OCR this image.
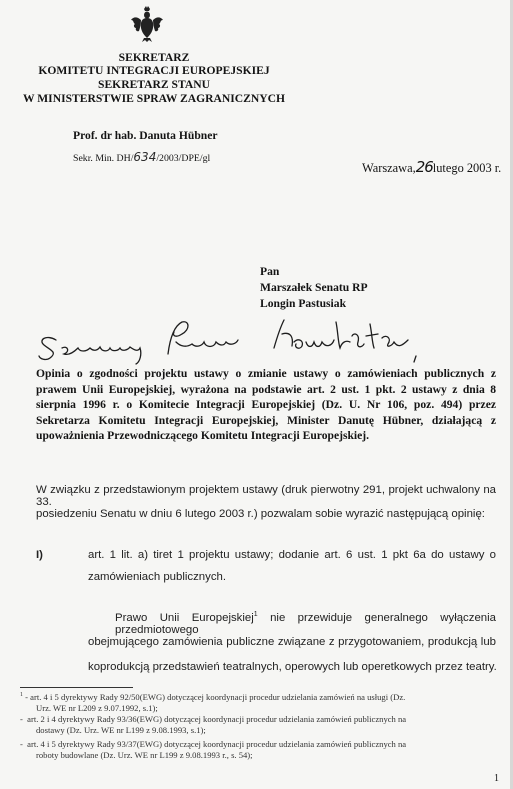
SEKRETARZ
KOMITETU INTEGRACJI EUROPEJSKIEJ
SEKRETARZ STANU
W MINISTERSTWIE SPRAW ZAGRANICZNYCH
Prof. dr hab. Danuta Hübner
Sekr. Min. DH/634/2003/DPE/gl
Warszawa,26lutego 2003 r.
Pan
Marszałek Senatu RP
Longin Pastusiak
Opinia o zgodności projektu ustawy o zmianie ustawy o zamówieniach publicznych z
prawem Unii Europejskiej, wyrażona na podstawie art. 2 ust. 1 pkt. 2 ustawy z dnia 8
sierpnia 1996 r. o Komitecie Integracji Europejskiej (Dz. U. Nr 106, poz. 494) przez
Sekretarza Komitetu Integracji Europejskiej, Minister Danutę Hübner, działającą z
upoważnienia Przewodniczącego Komitetu Integracji Europejskiej.
W związku z przedstawionym projektem ustawy (druk pierwotny 291, projekt uchwalony na 33.
posiedzeniu Senatu w dniu 6 lutego 2003 r.) pozwalam sobie wyrazić następującą opinię:
I)	art. 1 lit. a) tiret 1 projektu ustawy; dodanie art. 6 ust. 1 pkt 6a do ustawy o
zamówieniach publicznych.
Prawo Unii Europejskiej$^1$ nie przewiduje generalnego wyłączenia przedmiotowego
obejmującego zamówienia publiczne związane z przygotowaniem, produkcją lub
koprodukcją przedstawień teatralnych, operowych lub operetkowych przez teatry.
$^1$ - art. 4 i 5 dyrektywy Rady 92/50(EWG) dotyczącej koordynacji procedur udzielania zamówień na usługi (Dz.
Urz. WE nr L209 z 9.07.1992, s.1);
- art. 2 i 4 dyrektywy Rady 93/36(EWG) dotyczącej koordynacji procedur udzielania zamówień publicznych na
dostawy (Dz. Urz. WE nr L199 z 9.08.1993, s.1);
- art. 4 i 5 dyrektywy Rady 93/37(EWG) dotyczącej koordynacji procedur udzielania zamówień publicznych na
roboty budowlane (Dz. Urz. WE nr L199 z 9.08.1993 r., s. 54);
1
